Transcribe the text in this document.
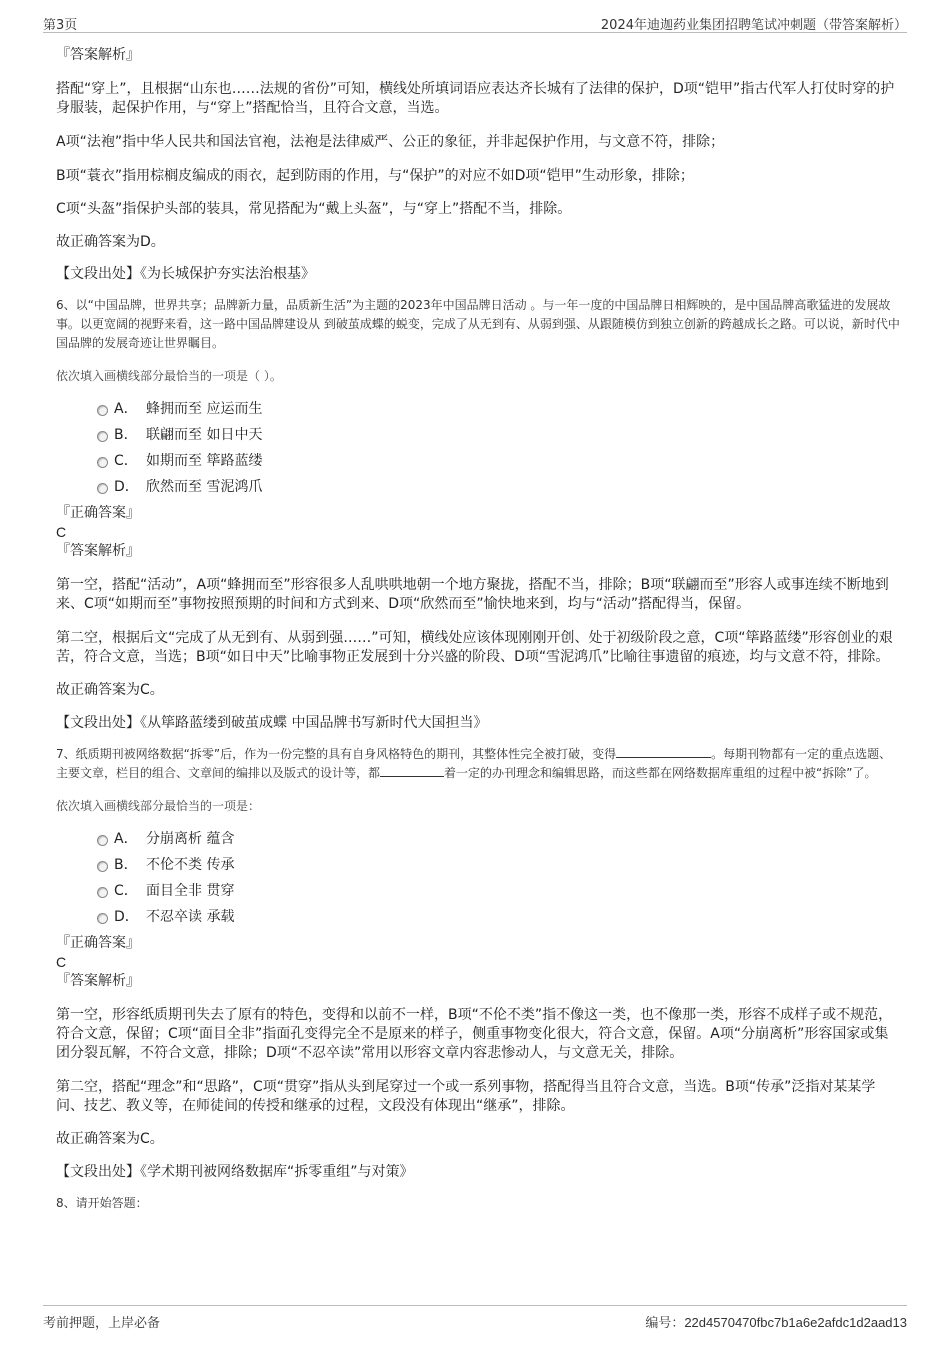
第3页	2024年迪迦药业集团招聘笔试冲刺题（带答案解析）

『答案解析』

搭配“穿上”，且根据“山东也……法规的省份”可知，横线处所填词语应表达齐长城有了法律的保护，D项“铠甲”指古代军人打仗时穿的护身服装，起保护作用，与“穿上”搭配恰当，且符合文意，当选。

A项“法袍”指中华人民共和国法官袍，法袍是法律威严、公正的象征，并非起保护作用，与文意不符，排除；

B项“蓑衣”指用棕榈皮编成的雨衣，起到防雨的作用，与“保护”的对应不如D项“铠甲”生动形象，排除；

C项“头盔”指保护头部的装具，常见搭配为“戴上头盔”，与“穿上”搭配不当，排除。

故正确答案为D。

【文段出处】《为长城保护夯实法治根基》

6、以“中国品牌，世界共享；品牌新力量，品质新生活”为主题的2023年中国品牌日活动 。与一年一度的中国品牌日相辉映的，是中国品牌高歌猛进的发展故事。以更宽阔的视野来看，这一路中国品牌建设从 到破茧成蝶的蜕变，完成了从无到有、从弱到强、从跟随模仿到独立创新的跨越成长之路。可以说，新时代中国品牌的发展奇迹让世界瞩目。

依次填入画横线部分最恰当的一项是（ ）。

A． 蜂拥而至 应运而生
B． 联翩而至 如日中天
C． 如期而至 筚路蓝缕
D． 欣然而至 雪泥鸿爪

『正确答案』

C

『答案解析』

第一空，搭配“活动”，A项“蜂拥而至”形容很多人乱哄哄地朝一个地方聚拢，搭配不当，排除；B项“联翩而至”形容人或事连续不断地到来、C项“如期而至”事物按照预期的时间和方式到来、D项“欣然而至”愉快地来到，均与“活动”搭配得当，保留。

第二空，根据后文“完成了从无到有、从弱到强……”可知，横线处应该体现刚刚开创、处于初级阶段之意，C项“筚路蓝缕”形容创业的艰苦，符合文意，当选；B项“如日中天”比喻事物正发展到十分兴盛的阶段、D项“雪泥鸿爪”比喻往事遗留的痕迹，均与文意不符，排除。

故正确答案为C。

【文段出处】《从筚路蓝缕到破茧成蝶 中国品牌书写新时代大国担当》

7、纸质期刊被网络数据“拆零”后，作为一份完整的具有自身风格特色的期刊，其整体性完全被打破，变得	。每期刊物都有一定的重点选题、主要文章，栏目的组合、文章间的编排以及版式的设计等，都	着一定的办刊理念和编辑思路，而这些都在网络数据库重组的过程中被“拆除”了。

依次填入画横线部分最恰当的一项是：

A． 分崩离析 蕴含
B． 不伦不类 传承
C． 面目全非 贯穿
D． 不忍卒读 承载

『正确答案』

C

『答案解析』

第一空，形容纸质期刊失去了原有的特色，变得和以前不一样，B项“不伦不类”指不像这一类，也不像那一类，形容不成样子或不规范，符合文意，保留；C项“面目全非”指面孔变得完全不是原来的样子，侧重事物变化很大，符合文意，保留。A项“分崩离析”形容国家或集团分裂瓦解，不符合文意，排除；D项“不忍卒读”常用以形容文章内容悲惨动人，与文意无关，排除。

第二空，搭配“理念”和“思路”，C项“贯穿”指从头到尾穿过一个或一系列事物，搭配得当且符合文意，当选。B项“传承”泛指对某某学问、技艺、教义等，在师徒间的传授和继承的过程，文段没有体现出“继承”，排除。

故正确答案为C。

【文段出处】《学术期刊被网络数据库“拆零重组”与对策》

8、请开始答题：

考前押题，上岸必备	编号：22d4570470fbc7b1a6e2afdc1d2aad13
